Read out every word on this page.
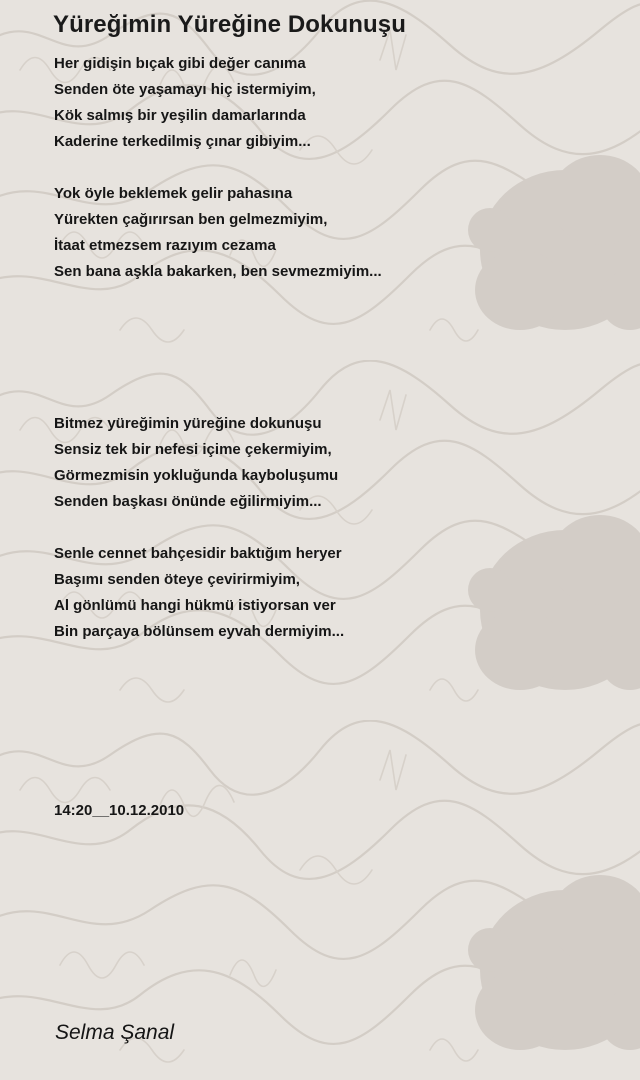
Yüreğimin Yüreğine Dokunuşu
Her gidişin bıçak gibi değer canıma
Senden öte yaşamayı hiç istermiyim,
Kök salmış bir yeşilin damarlarında
Kaderine terkedilmiş çınar gibiyim...
Yok öyle beklemek gelir pahasına
Yürekten çağırırsan ben gelmezmiyim,
İtaat etmezsem razıyım cezama
Sen bana aşkla bakarken, ben sevmezmiyim...
Bitmez yüreğimin yüreğine dokunuşu
Sensiz tek bir nefesi içime çekermiyim,
Görmezmisin yokluğunda kayboluşumu
Senden başkası önünde eğilirmiyim...
Senle cennet bahçesidir baktığım heryer
Başımı senden öteye çevirirmiyim,
Al gönlümü hangi hükmü istiyorsan ver
Bin parçaya bölünsem eyvah dermiyim...
14:20__10.12.2010
Selma Şanal
